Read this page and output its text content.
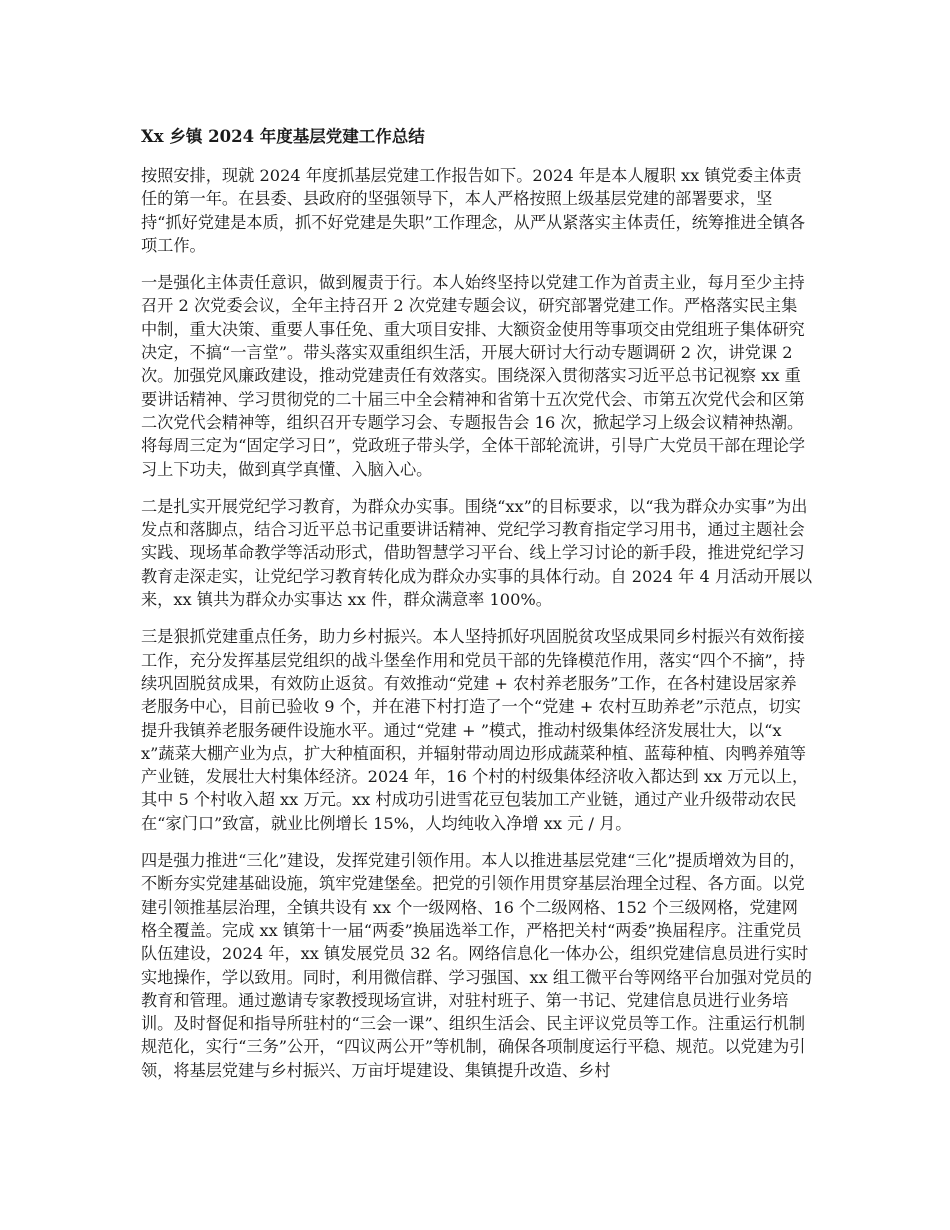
Xx 乡镇 2024 年度基层党建工作总结

按照安排，现就 2024 年度抓基层党建工作报告如下。2024 年是本人履职 xx 镇党委主体责任的第一年。在县委、县政府的坚强领导下，本人严格按照上级基层党建的部署要求，坚持“抓好党建是本质，抓不好党建是失职”工作理念，从严从紧落实主体责任，统筹推进全镇各项工作。

一是强化主体责任意识，做到履责于行。本人始终坚持以党建工作为首责主业，每月至少主持召开 2 次党委会议，全年主持召开 2 次党建专题会议，研究部署党建工作。严格落实民主集中制，重大决策、重要人事任免、重大项目安排、大额资金使用等事项交由党组班子集体研究决定，不搞“一言堂”。带头落实双重组织生活，开展大研讨大行动专题调研 2 次，讲党课 2 次。加强党风廉政建设，推动党建责任有效落实。围绕深入贯彻落实习近平总书记视察 xx 重要讲话精神、学习贯彻党的二十届三中全会精神和省第十五次党代会、市第五次党代会和区第二次党代会精神等，组织召开专题学习会、专题报告会 16 次，掀起学习上级会议精神热潮。将每周三定为“固定学习日”，党政班子带头学，全体干部轮流讲，引导广大党员干部在理论学习上下功夫，做到真学真懂、入脑入心。

二是扎实开展党纪学习教育，为群众办实事。围绕“xx”的目标要求，以“我为群众办实事”为出发点和落脚点，结合习近平总书记重要讲话精神、党纪学习教育指定学习用书，通过主题社会实践、现场革命教学等活动形式，借助智慧学习平台、线上学习讨论的新手段，推进党纪学习教育走深走实，让党纪学习教育转化成为群众办实事的具体行动。自 2024 年 4 月活动开展以来，xx 镇共为群众办实事达 xx 件，群众满意率 100%。

三是狠抓党建重点任务，助力乡村振兴。本人坚持抓好巩固脱贫攻坚成果同乡村振兴有效衔接工作，充分发挥基层党组织的战斗堡垒作用和党员干部的先锋模范作用，落实“四个不摘”，持续巩固脱贫成果，有效防止返贫。有效推动“党建 + 农村养老服务”工作，在各村建设居家养老服务中心，目前已验收 9 个，并在港下村打造了一个“党建 + 农村互助养老”示范点，切实提升我镇养老服务硬件设施水平。通过“党建 + ”模式，推动村级集体经济发展壮大，以“xx”蔬菜大棚产业为点，扩大种植面积，并辐射带动周边形成蔬菜种植、蓝莓种植、肉鸭养殖等产业链，发展壮大村集体经济。2024 年，16 个村的村级集体经济收入都达到 xx 万元以上，其中 5 个村收入超 xx 万元。xx 村成功引进雪花豆包装加工产业链，通过产业升级带动农民在“家门口”致富，就业比例增长 15%，人均纯收入净增 xx 元 / 月。

四是强力推进“三化”建设，发挥党建引领作用。本人以推进基层党建“三化”提质增效为目的，不断夯实党建基础设施，筑牢党建堡垒。把党的引领作用贯穿基层治理全过程、各方面。以党建引领推基层治理，全镇共设有 xx 个一级网格、16 个二级网格、152 个三级网格，党建网格全覆盖。完成 xx 镇第十一届“两委”换届选举工作，严格把关村“两委”换届程序。注重党员队伍建设，2024 年，xx 镇发展党员 32 名。网络信息化一体办公，组织党建信息员进行实时实地操作，学以致用。同时，利用微信群、学习强国、xx 组工微平台等网络平台加强对党员的教育和管理。通过邀请专家教授现场宣讲，对驻村班子、第一书记、党建信息员进行业务培训。及时督促和指导所驻村的“三会一课”、组织生活会、民主评议党员等工作。注重运行机制规范化，实行“三务”公开，“四议两公开”等机制，确保各项制度运行平稳、规范。以党建为引领，将基层党建与乡村振兴、万亩圩堤建设、集镇提升改造、乡村
